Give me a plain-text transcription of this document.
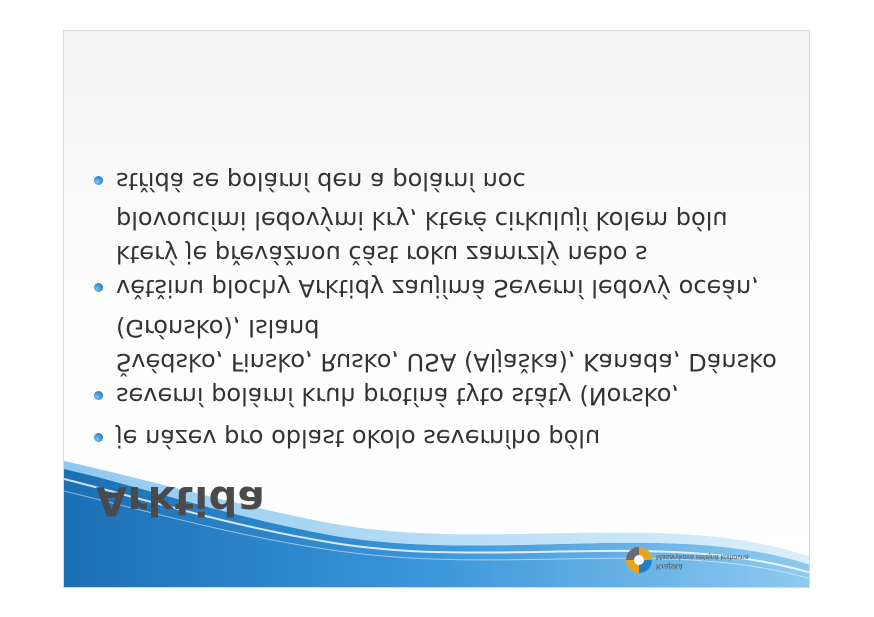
Krajská
Masarykova veřejná knihovna
Arktida
je název pro oblast okolo severního pólu
severní polární kruh protíná tyto státy (Norsko, Švédsko, Finsko, Rusko, USA (Aljaška), Kanada, Dánsko (Grónsko), Island
většinu plochy Arktidy zaujímá Severní ledový oceán, který je převážnou část roku zamrzlý nebo s plovoucími ledovými kry, které cirkulují kolem pólu
střídá se polární den a polární noc
